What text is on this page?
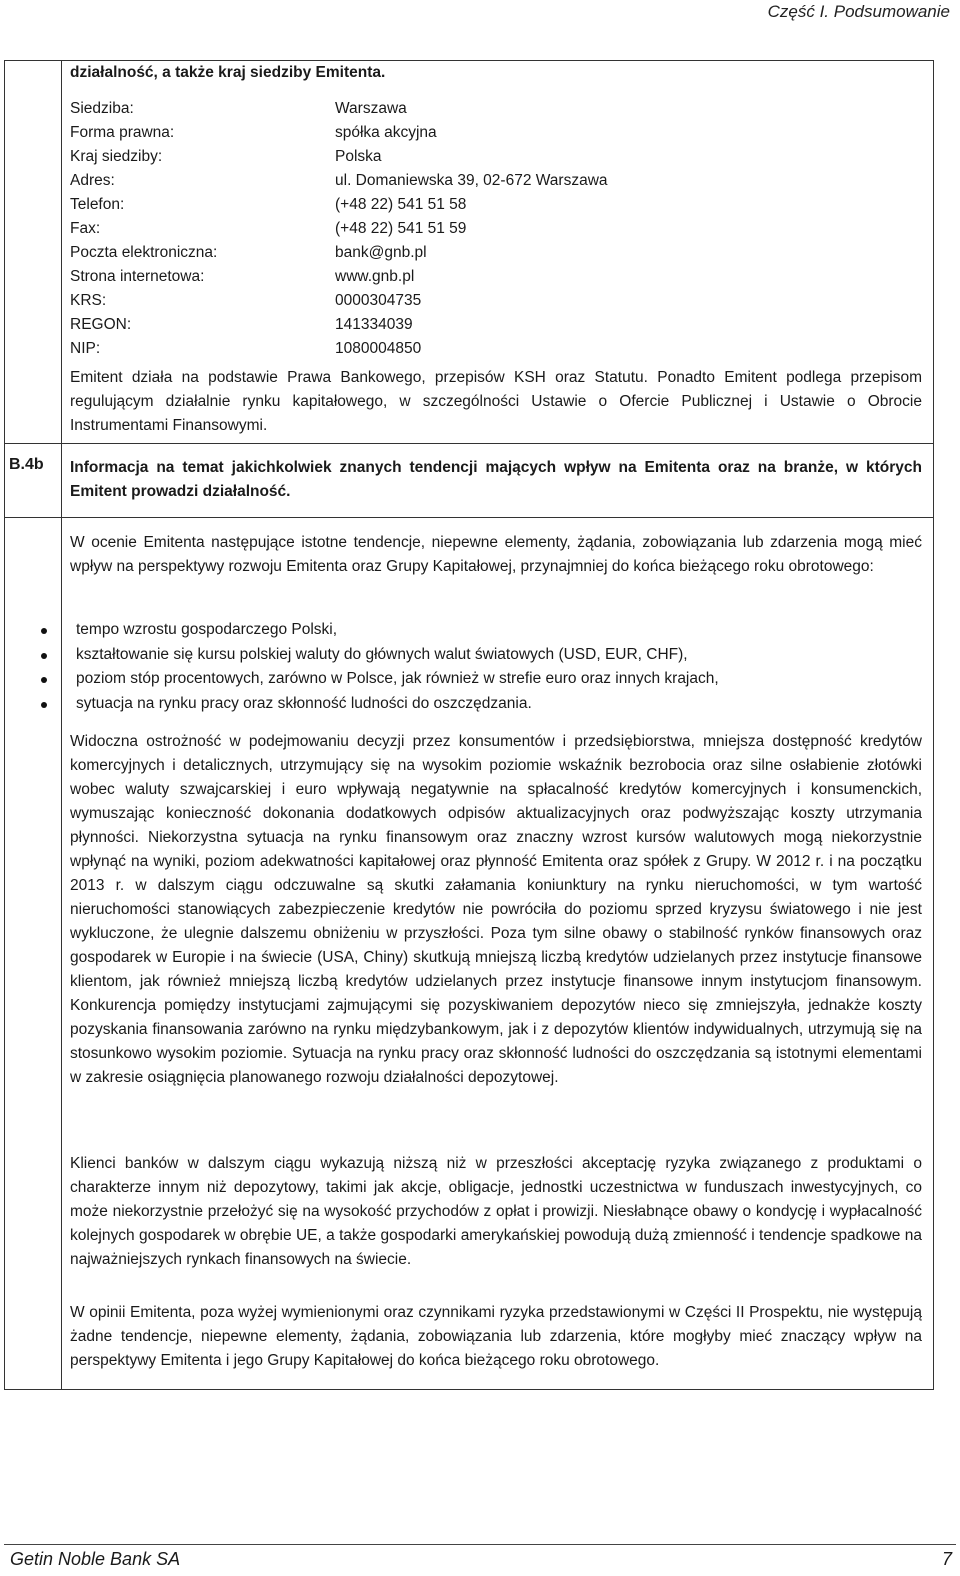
Część I. Podsumowanie
działalność, a także kraj siedziby Emitenta.
Siedziba:	Warszawa
Forma prawna:	spółka akcyjna
Kraj siedziby:	Polska
Adres:	ul. Domaniewska 39, 02-672 Warszawa
Telefon:	(+48 22) 541 51 58
Fax:	(+48 22) 541 51 59
Poczta elektroniczna:	bank@gnb.pl
Strona internetowa:	www.gnb.pl
KRS:	0000304735
REGON:	141334039
NIP:	1080004850

Emitent działa na podstawie Prawa Bankowego, przepisów KSH oraz Statutu. Ponadto Emitent podlega przepisom regulującym działalnie rynku kapitałowego, w szczególności Ustawie o Ofercie Publicznej i Ustawie o Obrocie Instrumentami Finansowymi.

B.4b Informacja na temat jakichkolwiek znanych tendencji mających wpływ na Emitenta oraz na branże, w których Emitent prowadzi działalność.

W ocenie Emitenta następujące istotne tendencje, niepewne elementy, żądania, zobowiązania lub zdarzenia mogą mieć wpływ na perspektywy rozwoju Emitenta oraz Grupy Kapitałowej, przynajmniej do końca bieżącego roku obrotowego:

tempo wzrostu gospodarczego Polski,
kształtowanie się kursu polskiej waluty do głównych walut światowych (USD, EUR, CHF),
poziom stóp procentowych, zarówno w Polsce, jak również w strefie euro oraz innych krajach,
sytuacja na rynku pracy oraz skłonność ludności do oszczędzania.

Widoczna ostrożność w podejmowaniu decyzji przez konsumentów i przedsiębiorstwa, mniejsza dostępność kredytów komercyjnych i detalicznych, utrzymujący się na wysokim poziomie wskaźnik bezrobocia oraz silne osłabienie złotówki wobec waluty szwajcarskiej i euro wpływają negatywnie na spłacalność kredytów komercyjnych i konsumenckich, wymuszając konieczność dokonania dodatkowych odpisów aktualizacyjnych oraz podwyższając koszty utrzymania płynności. Niekorzystna sytuacja na rynku finansowym oraz znaczny wzrost kursów walutowych mogą niekorzystnie wpłynąć na wyniki, poziom adekwatności kapitałowej oraz płynność Emitenta oraz spółek z Grupy. W 2012 r. i na początku 2013 r. w dalszym ciągu odczuwalne są skutki załamania koniunktury na rynku nieruchomości, w tym wartość nieruchomości stanowiących zabezpieczenie kredytów nie powróciła do poziomu sprzed kryzysu światowego i nie jest wykluczone, że ulegnie dalszemu obniżeniu w przyszłości. Poza tym silne obawy o stabilność rynków finansowych oraz gospodarek w Europie i na świecie (USA, Chiny) skutkują mniejszą liczbą kredytów udzielanych przez instytucje finansowe klientom, jak również mniejszą liczbą kredytów udzielanych przez instytucje finansowe innym instytucjom finansowym. Konkurencja pomiędzy instytucjami zajmującymi się pozyskiwaniem depozytów nieco się zmniejszyła, jednakże koszty pozyskania finansowania zarówno na rynku międzybankowym, jak i z depozytów klientów indywidualnych, utrzymują się na stosunkowo wysokim poziomie. Sytuacja na rynku pracy oraz skłonność ludności do oszczędzania są istotnymi elementami w zakresie osiągnięcia planowanego rozwoju działalności depozytowej.

Klienci banków w dalszym ciągu wykazują niższą niż w przeszłości akceptację ryzyka związanego z produktami o charakterze innym niż depozytowy, takimi jak akcje, obligacje, jednostki uczestnictwa w funduszach inwestycyjnych, co może niekorzystnie przełożyć się na wysokość przychodów z opłat i prowizji. Niesłabnące obawy o kondycję i wypłacalność kolejnych gospodarek w obrębie UE, a także gospodarki amerykańskiej powodują dużą zmienność i tendencje spadkowe na najważniejszych rynkach finansowych na świecie.

W opinii Emitenta, poza wyżej wymienionymi oraz czynnikami ryzyka przedstawionymi w Części II Prospektu, nie występują żadne tendencje, niepewne elementy, żądania, zobowiązania lub zdarzenia, które mogłyby mieć znaczący wpływ na perspektywy Emitenta i jego Grupy Kapitałowej do końca bieżącego roku obrotowego.

Getin Noble Bank SA	7
